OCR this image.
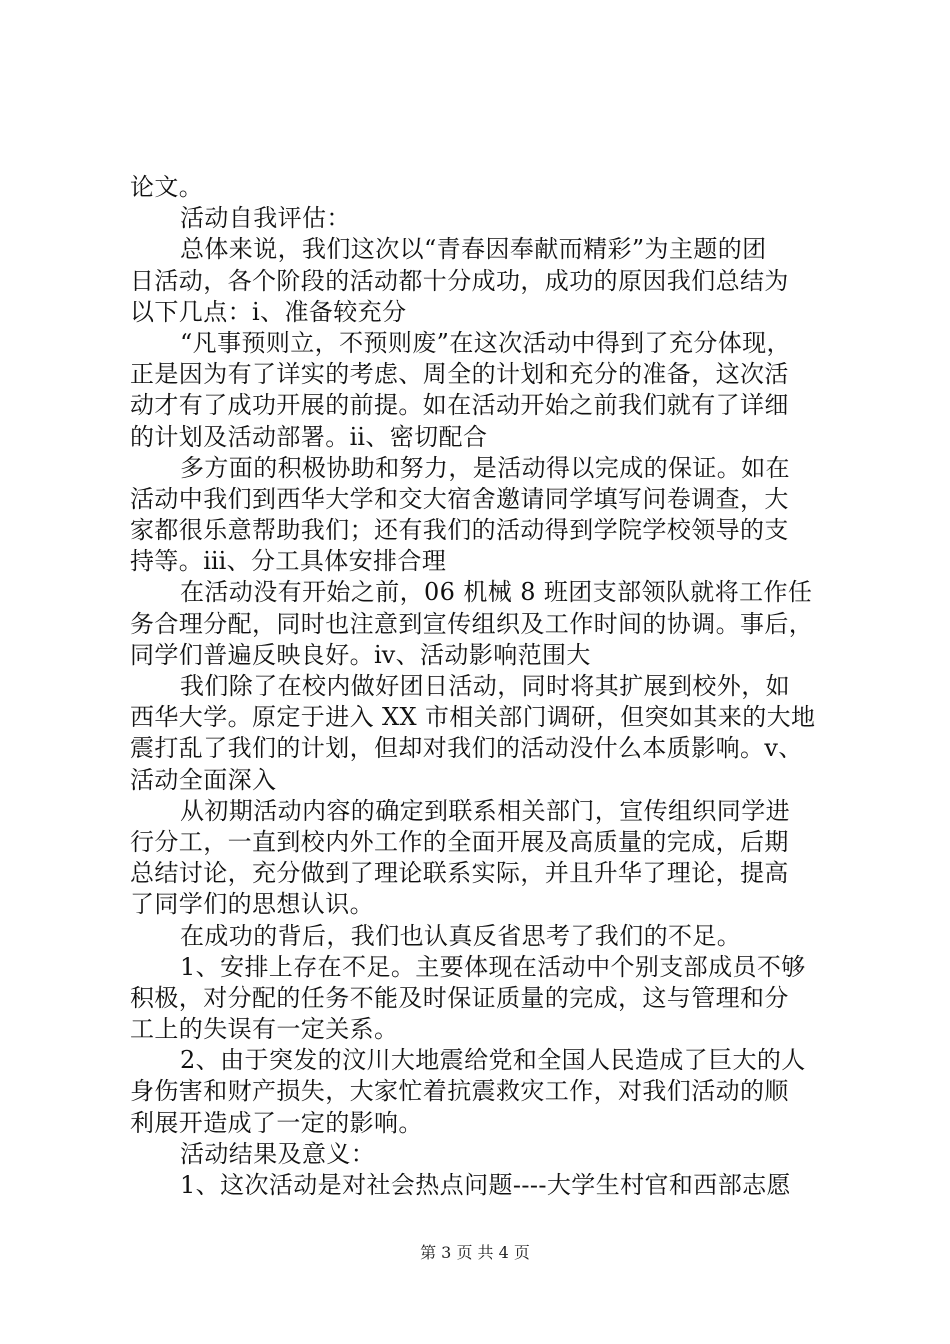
论文。
活动自我评估：
总体来说，我们这次以“青春因奉献而精彩”为主题的团
日活动，各个阶段的活动都十分成功，成功的原因我们总结为
以下几点：ⅰ、准备较充分
“凡事预则立，不预则废”在这次活动中得到了充分体现，
正是因为有了详实的考虑、周全的计划和充分的准备，这次活
动才有了成功开展的前提。如在活动开始之前我们就有了详细
的计划及活动部署。ⅱ、密切配合
多方面的积极协助和努力，是活动得以完成的保证。如在
活动中我们到西华大学和交大宿舍邀请同学填写问卷调查，大
家都很乐意帮助我们；还有我们的活动得到学院学校领导的支
持等。ⅲ、分工具体安排合理
在活动没有开始之前，06 机械 8 班团支部领队就将工作任
务合理分配，同时也注意到宣传组织及工作时间的协调。事后，
同学们普遍反映良好。ⅳ、活动影响范围大
我们除了在校内做好团日活动，同时将其扩展到校外，如
西华大学。原定于进入 XX 市相关部门调研，但突如其来的大地
震打乱了我们的计划，但却对我们的活动没什么本质影响。ⅴ、
活动全面深入
从初期活动内容的确定到联系相关部门，宣传组织同学进
行分工，一直到校内外工作的全面开展及高质量的完成，后期
总结讨论，充分做到了理论联系实际，并且升华了理论，提高
了同学们的思想认识。
在成功的背后，我们也认真反省思考了我们的不足。
1、安排上存在不足。主要体现在活动中个别支部成员不够
积极，对分配的任务不能及时保证质量的完成，这与管理和分
工上的失误有一定关系。
2、由于突发的汶川大地震给党和全国人民造成了巨大的人
身伤害和财产损失，大家忙着抗震救灾工作，对我们活动的顺
利展开造成了一定的影响。
活动结果及意义：
1、这次活动是对社会热点问题----大学生村官和西部志愿
第 3 页 共 4 页
